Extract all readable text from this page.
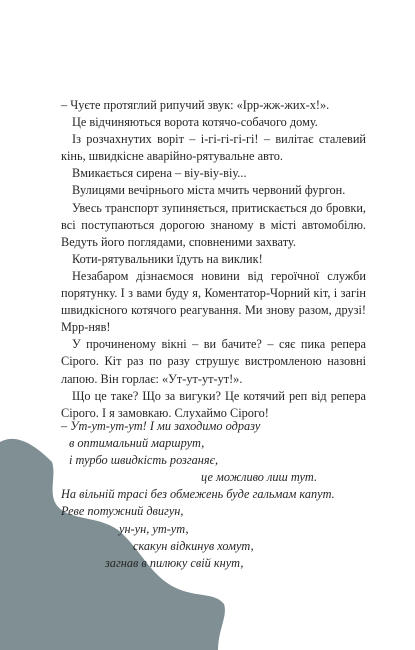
– Чуєте протяглий рипучий звук: «Ірр-жж-жих-х!».

Це відчиняються ворота котячо-собачого дому.

Із розчахнутих воріт – і-гі-гі-гі-гі! – вилітає сталевий кінь, швидкісне аварійно-рятувальне авто.

Вмикається сирена – віу-віу-віу...

Вулицями вечірнього міста мчить червоний фургон.

Увесь транспорт зупиняється, притискається до бровки, всі поступаються дорогою знаному в місті автомобілю. Ведуть його поглядами, сповненими захвату.

Коти-рятувальники їдуть на виклик!

Незабаром дізнаємося новини від героїчної служби порятунку. І з вами буду я, Коментатор-Чорний кіт, і загін швидкісного котячого реагування. Ми знову разом, друзі! Мрр-няв!

У прочиненому вікні – ви бачите? – сяє пика репера Сірого. Кіт раз по разу струшує вистромленою назовні лапою. Він горлає: «Ут-ут-ут-ут!».

Що це таке? Що за вигуки? Це котячий реп від репера Сірого. І я замовкаю. Слухаймо Сірого!

– Ут-ут-ут-ут! І ми заходимо одразу
в оптимальний маршрут,
і турбо швидкість розганяє,
це можливо лиш тут.
На вільній трасі без обмежень буде гальмам капут.
Реве потужний двигун,
ун-ун, ут-ут,
скакун відкинув хомут,
загнав в пилюку свій кнут,
